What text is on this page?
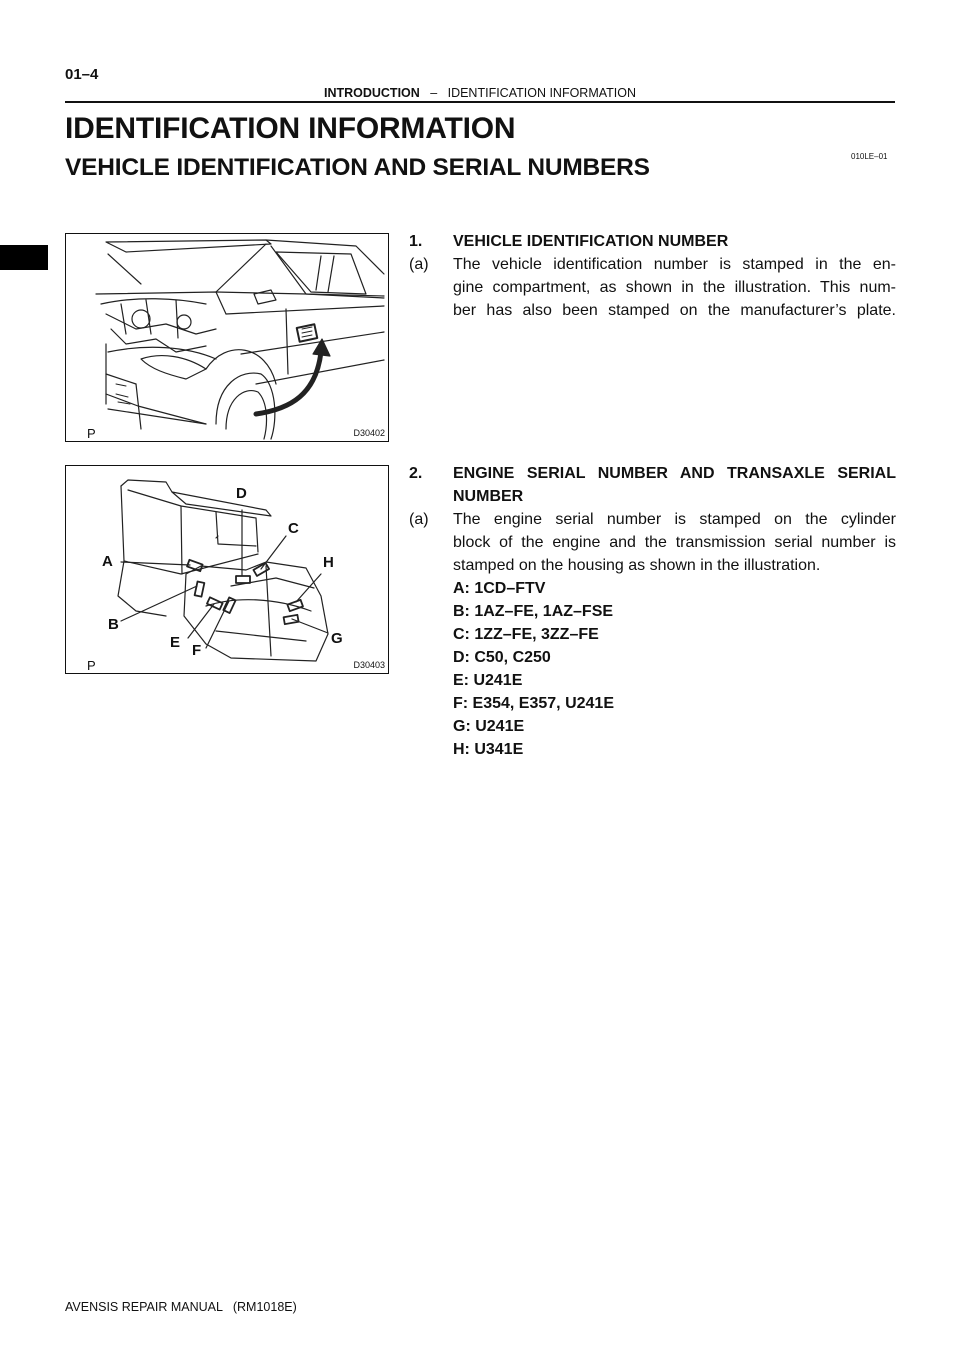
01–4
INTRODUCTION – IDENTIFICATION INFORMATION
IDENTIFICATION INFORMATION
VEHICLE IDENTIFICATION AND SERIAL NUMBERS	010LE–01
P	D30402
D
C
A	H
B
E F
G
P	D30403
1. VEHICLE IDENTIFICATION NUMBER
(a) The vehicle identification number is stamped in the en-
gine compartment, as shown in the illustration. This num-
ber has also been stamped on the manufacturer’s plate.
2. ENGINE SERIAL NUMBER AND TRANSAXLE SERIAL
NUMBER
(a) The engine serial number is stamped on the cylinder
block of the engine and the transmission serial number is
stamped on the housing as shown in the illustration.
A: 1CD–FTV
B: 1AZ–FE, 1AZ–FSE
C: 1ZZ–FE, 3ZZ–FE
D: C50, C250
E: U241E
F: E354, E357, U241E
G: U241E
H: U341E
AVENSIS REPAIR MANUAL   (RM1018E)
